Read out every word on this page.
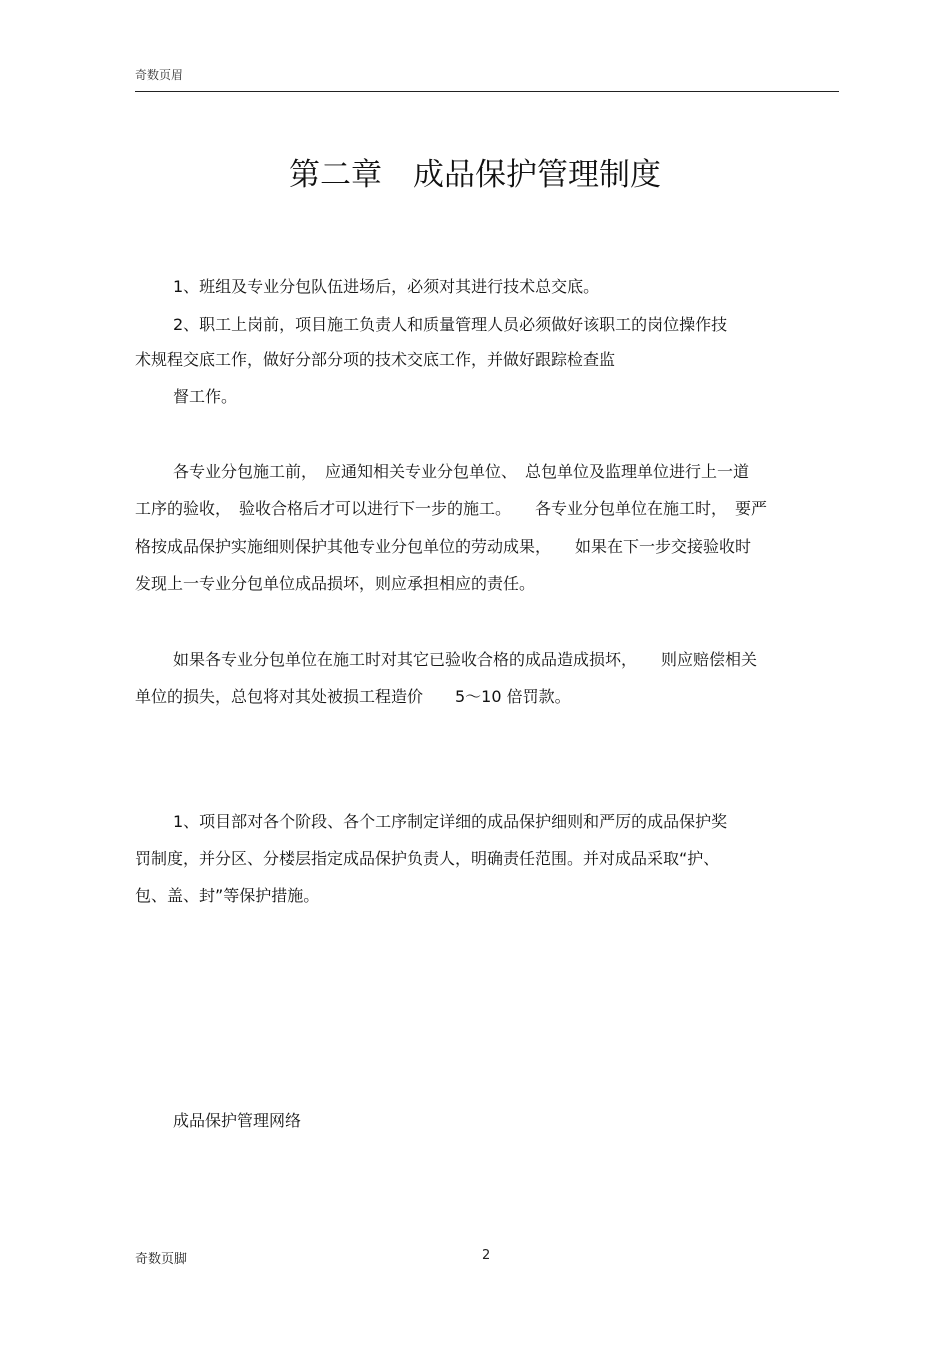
奇数页眉
第二章　成品保护管理制度
1、班组及专业分包队伍进场后，必须对其进行技术总交底。
2、职工上岗前，项目施工负责人和质量管理人员必须做好该职工的岗位操作技
术规程交底工作，做好分部分项的技术交底工作，并做好跟踪检查监
督工作。
各专业分包施工前，　应通知相关专业分包单位、　总包单位及监理单位进行上一道
工序的验收，　验收合格后才可以进行下一步的施工。　　各专业分包单位在施工时，　要严
格按成品保护实施细则保护其他专业分包单位的劳动成果，　　如果在下一步交接验收时
发现上一专业分包单位成品损坏，则应承担相应的责任。
如果各专业分包单位在施工时对其它已验收合格的成品造成损坏，　　则应赔偿相关
单位的损失，总包将对其处被损工程造价　　5～10 倍罚款。
1、项目部对各个阶段、各个工序制定详细的成品保护细则和严厉的成品保护奖
罚制度，并分区、分楼层指定成品保护负责人，明确责任范围。并对成品采取“护、
包、盖、封”等保护措施。
成品保护管理网络
奇数页脚	2
